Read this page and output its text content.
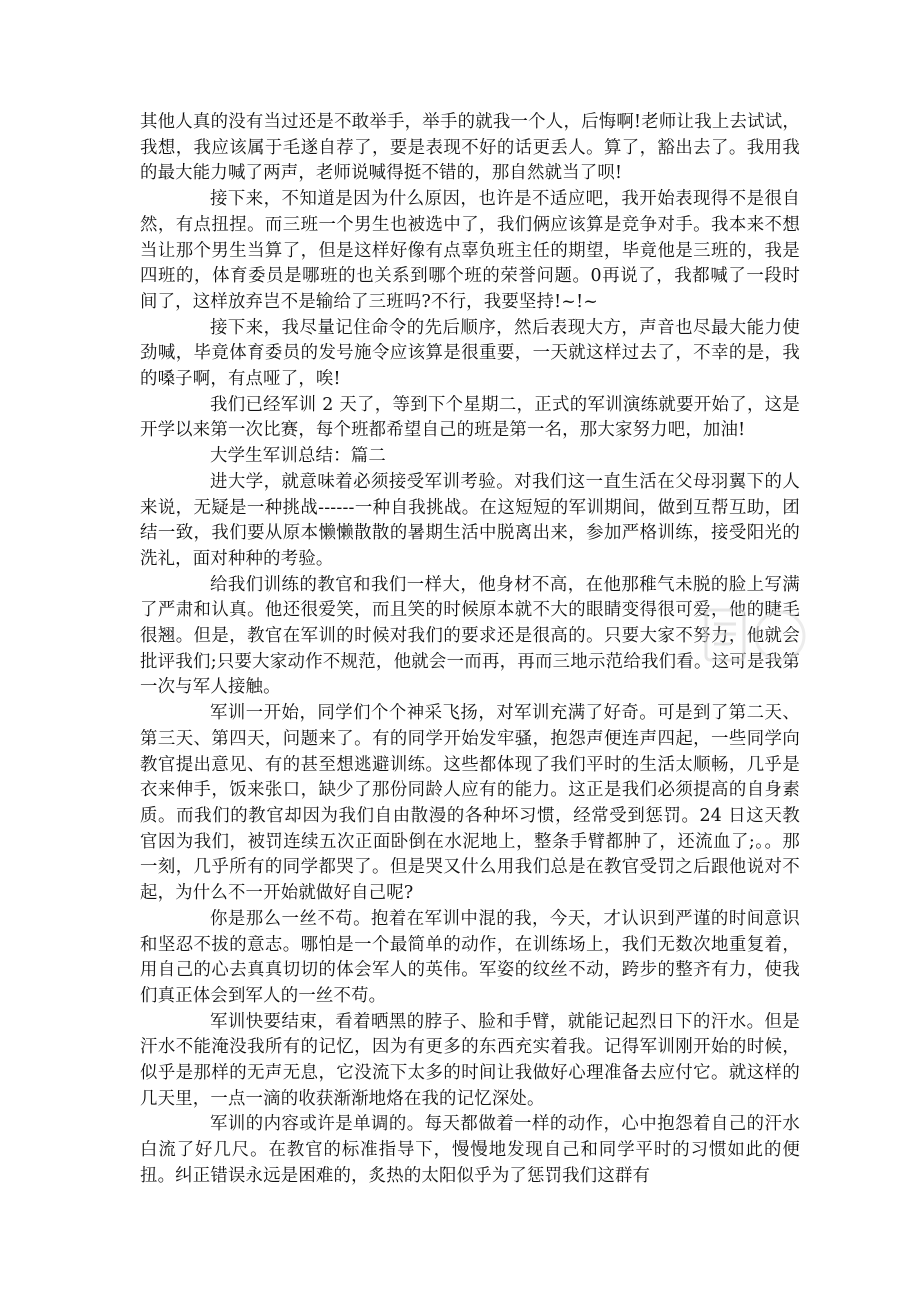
其他人真的没有当过还是不敢举手，举手的就我一个人，后悔啊!老师让我上去试试，我想，我应该属于毛遂自荐了，要是表现不好的话更丢人。算了，豁出去了。我用我的最大能力喊了两声，老师说喊得挺不错的，那自然就当了呗!

接下来，不知道是因为什么原因，也许是不适应吧，我开始表现得不是很自然，有点扭捏。而三班一个男生也被选中了，我们俩应该算是竞争对手。我本来不想当让那个男生当算了，但是这样好像有点辜负班主任的期望，毕竟他是三班的，我是四班的，体育委员是哪班的也关系到哪个班的荣誉问题。0再说了，我都喊了一段时间了，这样放弃岂不是输给了三班吗?不行，我要坚持!~!~

接下来，我尽量记住命令的先后顺序，然后表现大方，声音也尽最大能力使劲喊，毕竟体育委员的发号施令应该算是很重要，一天就这样过去了，不幸的是，我的嗓子啊，有点哑了，唉!

我们已经军训 2 天了，等到下个星期二，正式的军训演练就要开始了，这是开学以来第一次比赛，每个班都希望自己的班是第一名，那大家努力吧，加油!

大学生军训总结：篇二

进大学，就意味着必须接受军训考验。对我们这一直生活在父母羽翼下的人来说，无疑是一种挑战------一种自我挑战。在这短短的军训期间，做到互帮互助，团结一致，我们要从原本懒懒散散的暑期生活中脱离出来，参加严格训练，接受阳光的洗礼，面对种种的考验。

给我们训练的教官和我们一样大，他身材不高，在他那稚气未脱的脸上写满了严肃和认真。他还很爱笑，而且笑的时候原本就不大的眼睛变得很可爱，他的睫毛很翘。但是，教官在军训的时候对我们的要求还是很高的。只要大家不努力，他就会批评我们;只要大家动作不规范，他就会一而再，再而三地示范给我们看。这可是我第一次与军人接触。

军训一开始，同学们个个神采飞扬，对军训充满了好奇。可是到了第二天、第三天、第四天，问题来了。有的同学开始发牢骚，抱怨声便连声四起，一些同学向教官提出意见、有的甚至想逃避训练。这些都体现了我们平时的生活太顺畅，几乎是衣来伸手，饭来张口，缺少了那份同龄人应有的能力。这正是我们必须提高的自身素质。而我们的教官却因为我们自由散漫的各种坏习惯，经常受到惩罚。24 日这天教官因为我们，被罚连续五次正面卧倒在水泥地上，整条手臂都肿了，还流血了;。。那一刻，几乎所有的同学都哭了。但是哭又什么用我们总是在教官受罚之后跟他说对不起，为什么不一开始就做好自己呢?

你是那么一丝不苟。抱着在军训中混的我，今天，才认识到严谨的时间意识和坚忍不拔的意志。哪怕是一个最简单的动作，在训练场上，我们无数次地重复着，用自己的心去真真切切的体会军人的英伟。军姿的纹丝不动，跨步的整齐有力，使我们真正体会到军人的一丝不苟。

军训快要结束，看着晒黑的脖子、脸和手臂，就能记起烈日下的汗水。但是汗水不能淹没我所有的记忆，因为有更多的东西充实着我。记得军训刚开始的时候，似乎是那样的无声无息，它没流下太多的时间让我做好心理准备去应付它。就这样的几天里，一点一滴的收获渐渐地烙在我的记忆深处。

军训的内容或许是单调的。每天都做着一样的动作，心中抱怨着自己的汗水白流了好几尺。在教官的标准指导下，慢慢地发现自己和同学平时的习惯如此的便扭。纠正错误永远是困难的，炙热的太阳似乎为了惩罚我们这群有
